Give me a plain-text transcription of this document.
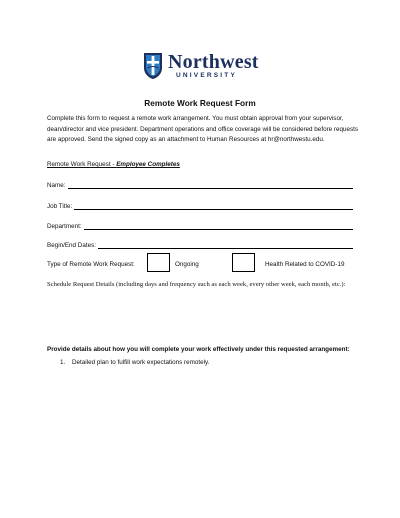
Northwest
UNIVERSITY
Remote Work Request Form

Complete this form to request a remote work arrangement. You must obtain approval from your supervisor, dean/director and vice president. Department operations and office coverage will be considered before requests are approved. Send the signed copy as an attachment to Human Resources at hr@northwestu.edu.

Remote Work Request - Employee Completes
Name:
Job Title:
Department:
Begin/End Dates:
Type of Remote Work Request:	Ongoing	Health Related to COVID-19

Schedule Request Details (including days and frequency such as each week, every other week, each month, etc.):

Provide details about how you will complete your work effectively under this requested arrangement:
1. Detailed plan to fulfill work expectations remotely.
